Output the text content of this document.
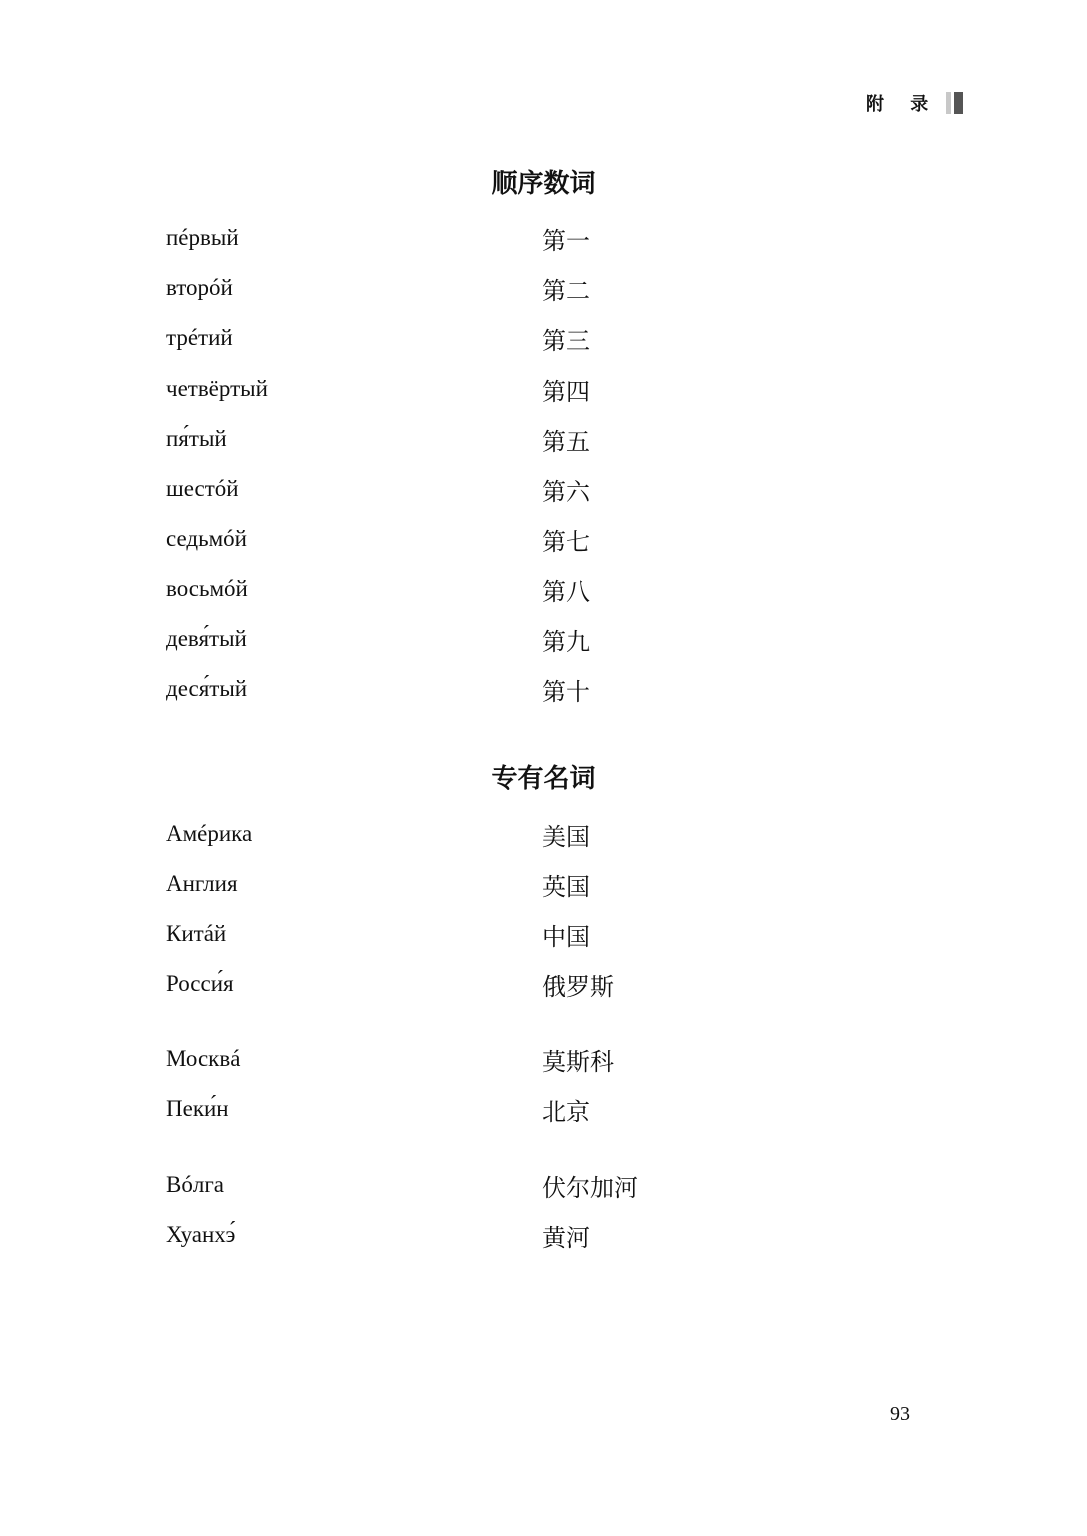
附 录
顺序数词
пéрвый	第一
вторóй	第二
трéтий	第三
четвёртый	第四
пя́тый	第五
шестóй	第六
седьмóй	第七
восьмóй	第八
девя́тый	第九
деся́тый	第十
专有名词
Амéрика	美国
Англия	英国
Китáй	中国
Росси́я	俄罗斯
Москвá	莫斯科
Пеки́н	北京
Вóлга	伏尔加河
Хуанхэ́	黄河
93
